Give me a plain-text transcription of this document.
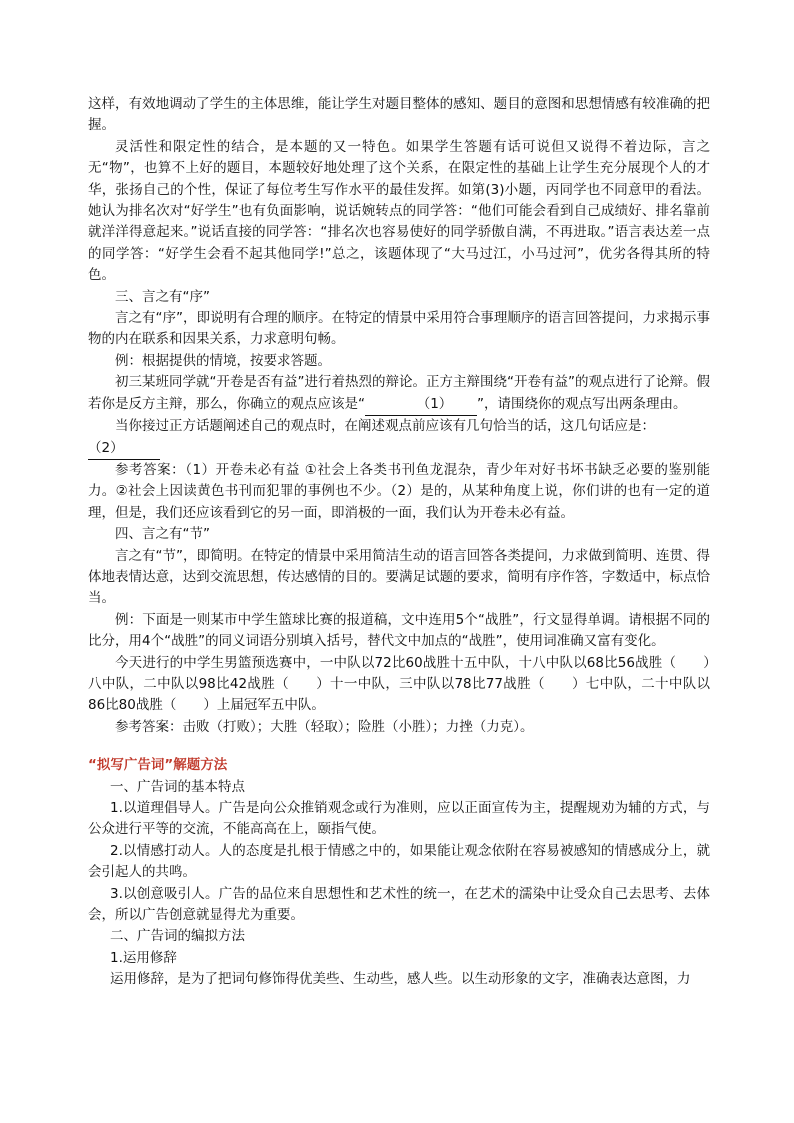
这样，有效地调动了学生的主体思维，能让学生对题目整体的感知、题目的意图和思想情感有较准确的把握。

灵活性和限定性的结合，是本题的又一特色。如果学生答题有话可说但又说得不着边际，言之无“物”，也算不上好的题目，本题较好地处理了这个关系，在限定性的基础上让学生充分展现个人的才华，张扬自己的个性，保证了每位考生写作水平的最佳发挥。如第(3)小题，丙同学也不同意甲的看法。她认为排名次对“好学生”也有负面影响，说话婉转点的同学答：“他们可能会看到自己成绩好、排名靠前就洋洋得意起来。”说话直接的同学答：“排名次也容易使好的同学骄傲自满，不再进取。”语言表达差一点的同学答：“好学生会看不起其他同学!”总之，该题体现了“大马过江，小马过河”，优劣各得其所的特色。

三、言之有“序”

言之有“序”，即说明有合理的顺序。在特定的情景中采用符合事理顺序的语言回答提问，力求揭示事物的内在联系和因果关系，力求意明句畅。

例：根据提供的情境，按要求答题。

初三某班同学就“开卷是否有益”进行着热烈的辩论。正方主辩围绕“开卷有益”的观点进行了论辩。假若你是反方主辩，那么，你确立的观点应该是“	（1） ”，请围绕你的观点写出两条理由。

当你接过正方话题阐述自己的观点时，在阐述观点前应该有几句恰当的话，这几句话应是：
（2）

参考答案：（1）开卷未必有益 ①社会上各类书刊鱼龙混杂，青少年对好书坏书缺乏必要的鉴别能力。②社会上因读黄色书刊而犯罪的事例也不少。（2）是的，从某种角度上说，你们讲的也有一定的道理，但是，我们还应该看到它的另一面，即消极的一面，我们认为开卷未必有益。

四、言之有“节”

言之有“节”，即简明。在特定的情景中采用简洁生动的语言回答各类提问，力求做到简明、连贯、得体地表情达意，达到交流思想，传达感情的目的。要满足试题的要求，简明有序作答，字数适中，标点恰当。

例：下面是一则某市中学生篮球比赛的报道稿，文中连用5个“战胜”，行文显得单调。请根据不同的比分，用4个“战胜”的同义词语分别填入括号，替代文中加点的“战胜”，使用词准确又富有变化。

今天进行的中学生男篮预选赛中，一中队以72比60战胜十五中队，十八中队以68比56战胜（   ）八中队，二中队以98比42战胜（   ）十一中队，三中队以78比77战胜（   ）七中队，二十中队以86比80战胜（   ）上届冠军五中队。

参考答案：击败（打败）；大胜（轻取）；险胜（小胜）；力挫（力克）。

“拟写广告词”解题方法

一、广告词的基本特点

1.以道理倡导人。广告是向公众推销观念或行为准则，应以正面宣传为主，提醒规劝为辅的方式，与公众进行平等的交流，不能高高在上，颐指气使。

2.以情感打动人。人的态度是扎根于情感之中的，如果能让观念依附在容易被感知的情感成分上，就会引起人的共鸣。

3.以创意吸引人。广告的品位来自思想性和艺术性的统一，在艺术的濡染中让受众自己去思考、去体会，所以广告创意就显得尤为重要。

二、广告词的编拟方法

1.运用修辞

运用修辞，是为了把词句修饰得优美些、生动些，感人些。以生动形象的文字，准确表达意图，力
